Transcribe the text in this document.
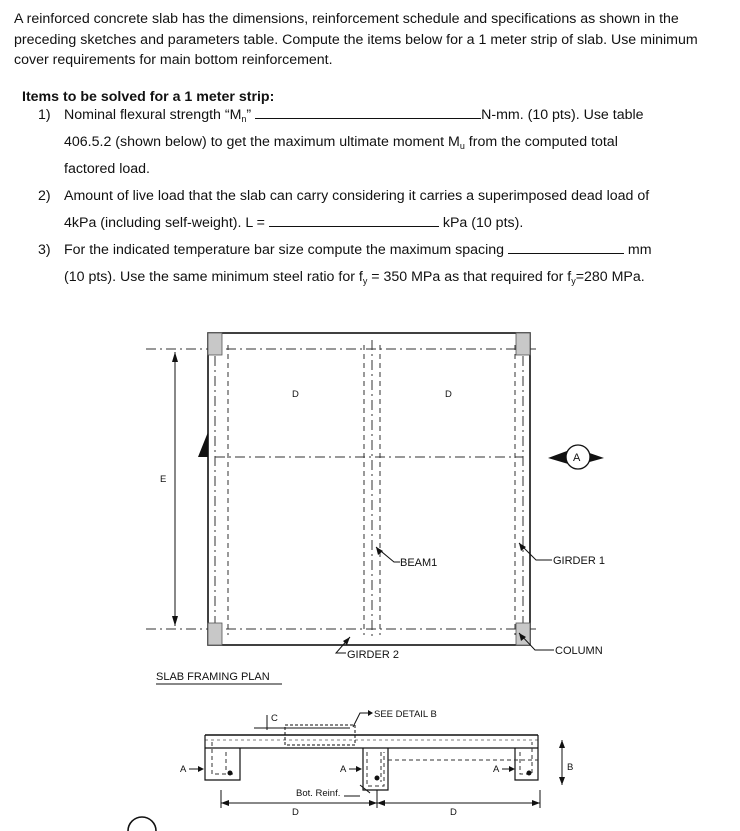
A reinforced concrete slab has the dimensions, reinforcement schedule and specifications as shown in the preceding sketches and parameters table. Compute the items below for a 1 meter strip of slab. Use minimum cover requirements for main bottom reinforcement.
Items to be solved for a 1 meter strip:
1) Nominal flexural strength “$M_n$”	N-mm. (10 pts). Use table
406.5.2 (shown below) to get the maximum ultimate moment $M_u$ from the computed total
factored load.
2) Amount of live load that the slab can carry considering it carries a superimposed dead load of
4kPa (including self-weight). L =	kPa (10 pts).
3) For the indicated temperature bar size compute the maximum spacing	mm
(10 pts). Use the same minimum steel ratio for $f_y = 350$ MPa as that required for $f_y=280$ MPa.
E
D	D
A
BEAM1	GIRDER 1
GIRDER 2	COLUMN
SLAB FRAMING PLAN
C	SEE DETAIL B
A	A	A	B
Bot. Reinf.
D	D
